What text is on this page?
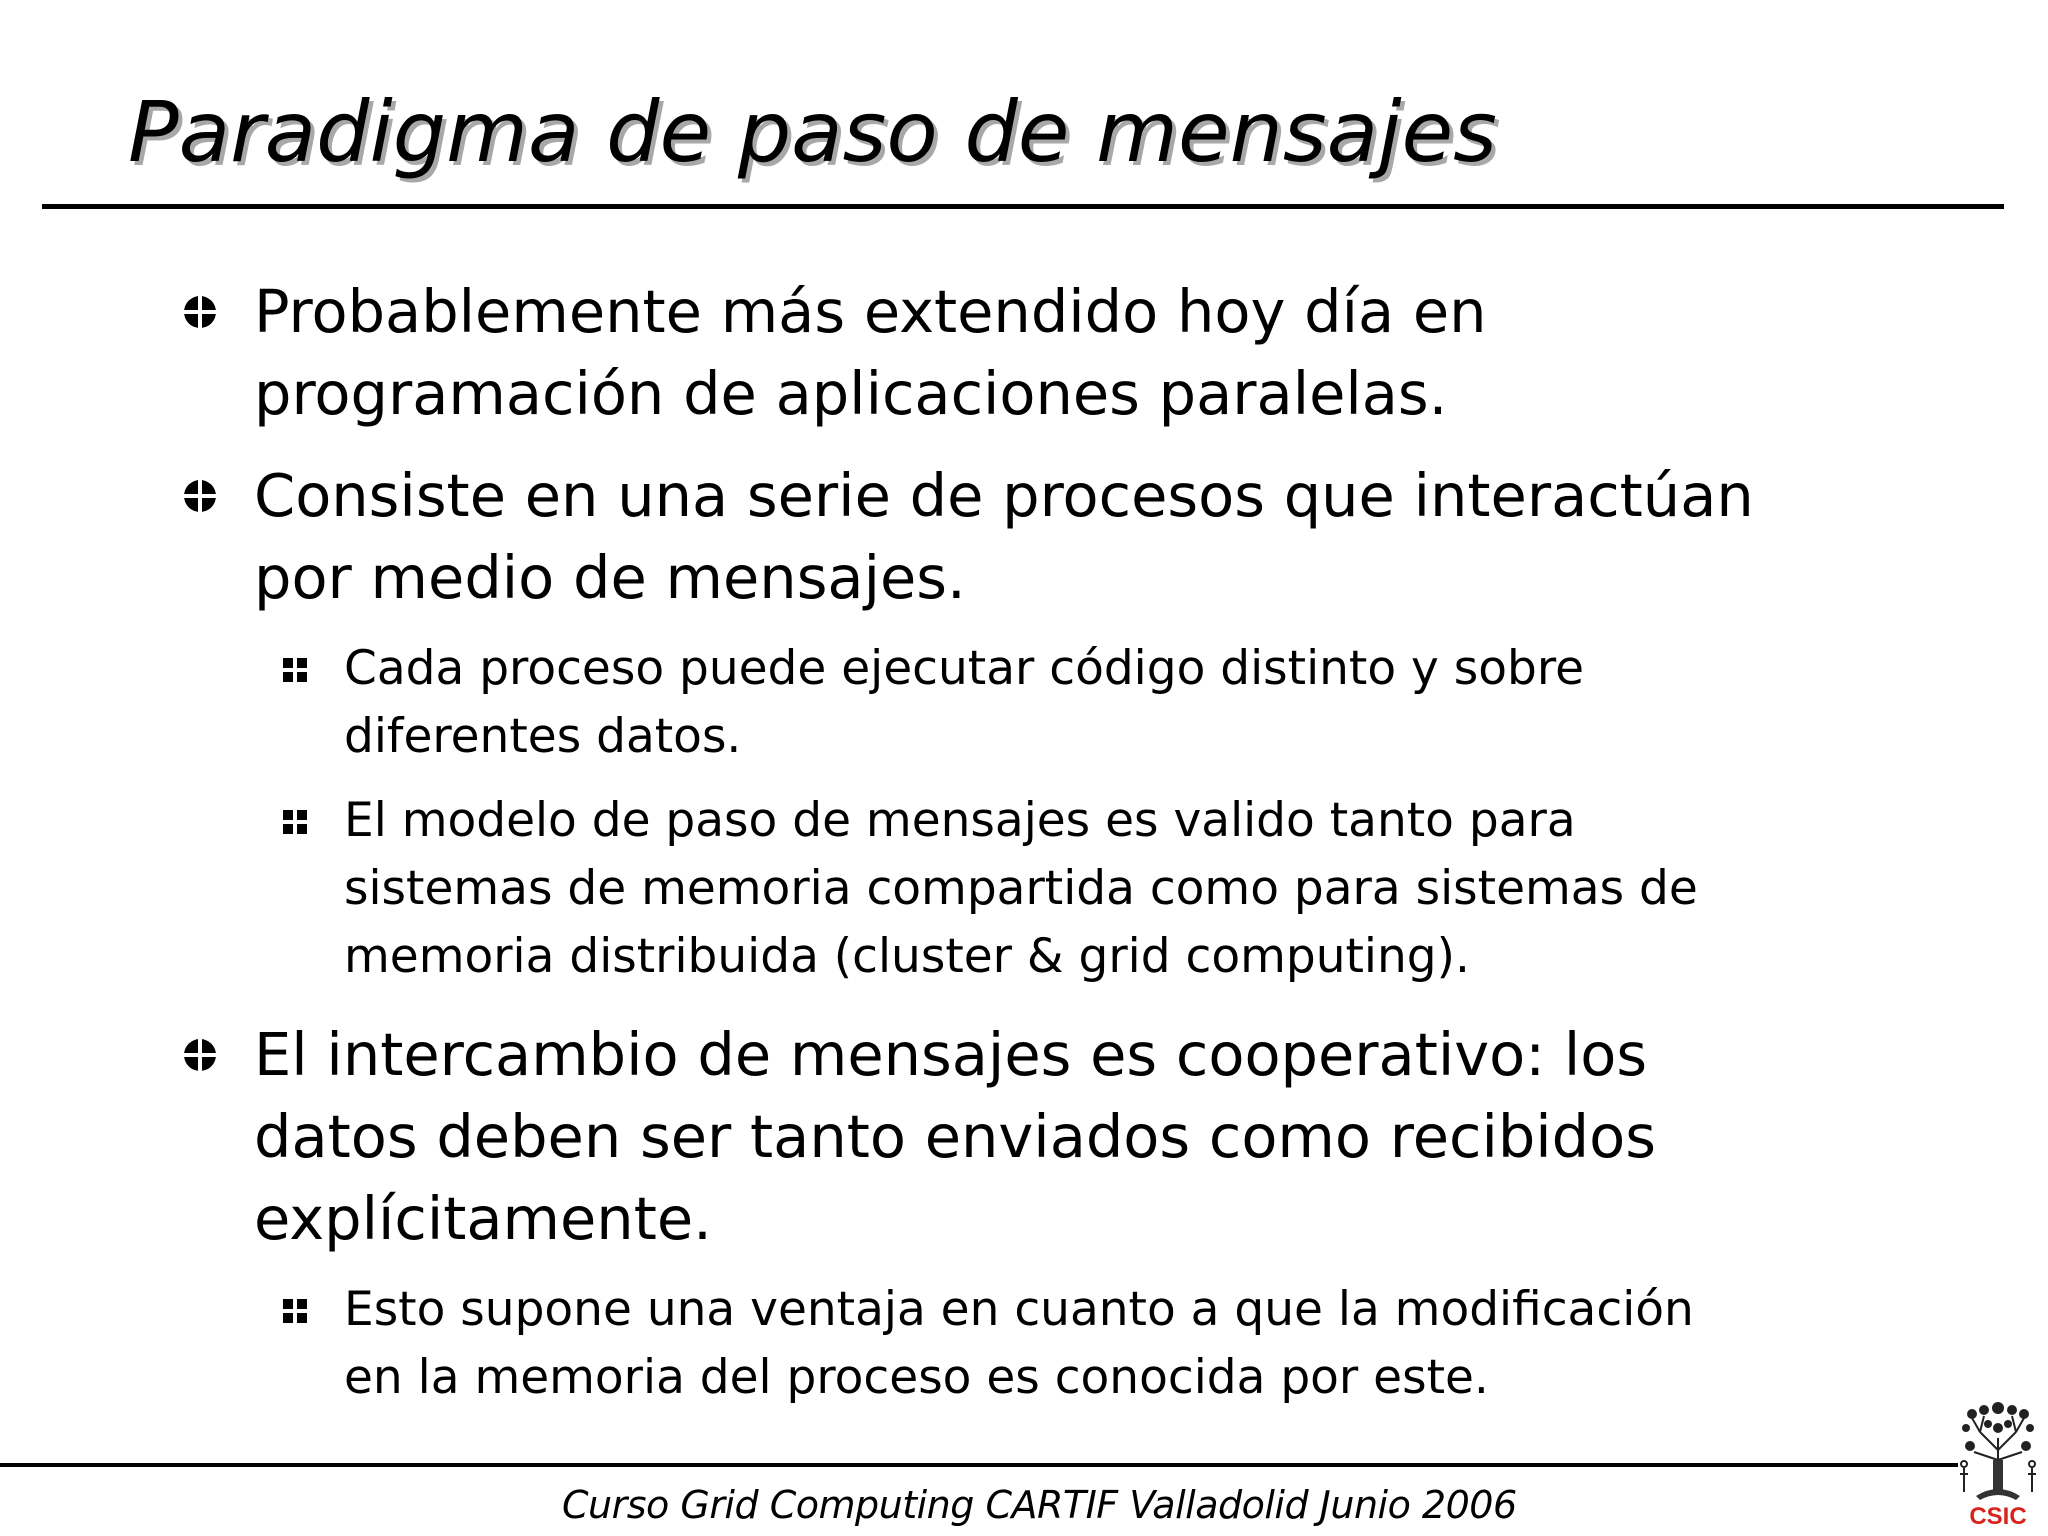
Paradigma de paso de mensajes
Probablemente más extendido hoy día en
programación de aplicaciones paralelas.
Consiste en una serie de procesos que interactúan
por medio de mensajes.
Cada proceso puede ejecutar código distinto y sobre
diferentes datos.
El modelo de paso de mensajes es valido tanto para
sistemas de memoria compartida como para sistemas de
memoria distribuida (cluster & grid computing).
El intercambio de mensajes es cooperativo: los
datos deben ser tanto enviados como recibidos
explícitamente.
Esto supone una ventaja en cuanto a que la modificación
en la memoria del proceso es conocida por este.
Curso Grid Computing CARTIF Valladolid Junio 2006	CSIC
